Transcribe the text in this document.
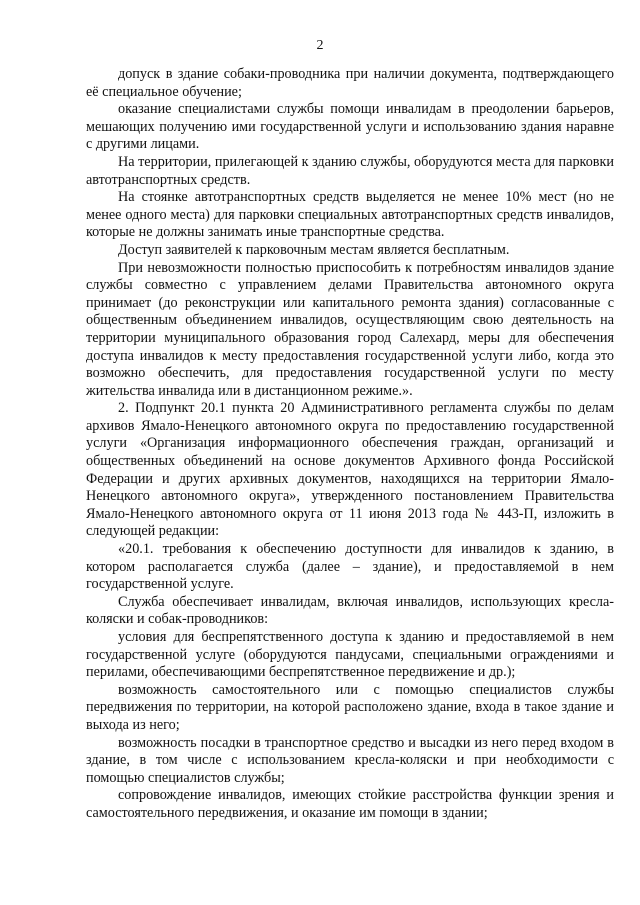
2

допуск в здание собаки-проводника при наличии документа, подтверждающего её специальное обучение;

оказание специалистами службы помощи инвалидам в преодолении барьеров, мешающих получению ими государственной услуги и использованию здания наравне с другими лицами.

На территории, прилегающей к зданию службы, оборудуются места для парковки автотранспортных средств.

На стоянке автотранспортных средств выделяется не менее 10% мест (но не менее одного места) для парковки специальных автотранспортных средств инвалидов, которые не должны занимать иные транспортные средства.

Доступ заявителей к парковочным местам является бесплатным.

При невозможности полностью приспособить к потребностям инвалидов здание службы совместно с управлением делами Правительства автономного округа принимает (до реконструкции или капитального ремонта здания) согласованные с общественным объединением инвалидов, осуществляющим свою деятельность на территории муниципального образования город Салехард, меры для обеспечения доступа инвалидов к месту предоставления государственной услуги либо, когда это возможно обеспечить, для предоставления государственной услуги по месту жительства инвалида или в дистанционном режиме.».

2. Подпункт 20.1 пункта 20 Административного регламента службы по делам архивов Ямало-Ненецкого автономного округа по предоставлению государственной услуги «Организация информационного обеспечения граждан, организаций и общественных объединений на основе документов Архивного фонда Российской Федерации и других архивных документов, находящихся на территории Ямало-Ненецкого автономного округа», утвержденного постановлением Правительства Ямало-Ненецкого автономного округа от 11 июня 2013 года № 443-П, изложить в следующей редакции:

«20.1. требования к обеспечению доступности для инвалидов к зданию, в котором располагается служба (далее – здание), и предоставляемой в нем государственной услуге.

Служба обеспечивает инвалидам, включая инвалидов, использующих кресла-коляски и собак-проводников:

условия для беспрепятственного доступа к зданию и предоставляемой в нем государственной услуге (оборудуются пандусами, специальными ограждениями и перилами, обеспечивающими беспрепятственное передвижение и др.);

возможность самостоятельного или с помощью специалистов службы передвижения по территории, на которой расположено здание, входа в такое здание и выхода из него;

возможность посадки в транспортное средство и высадки из него перед входом в здание, в том числе с использованием кресла-коляски и при необходимости с помощью специалистов службы;

сопровождение инвалидов, имеющих стойкие расстройства функции зрения и самостоятельного передвижения, и оказание им помощи в здании;
